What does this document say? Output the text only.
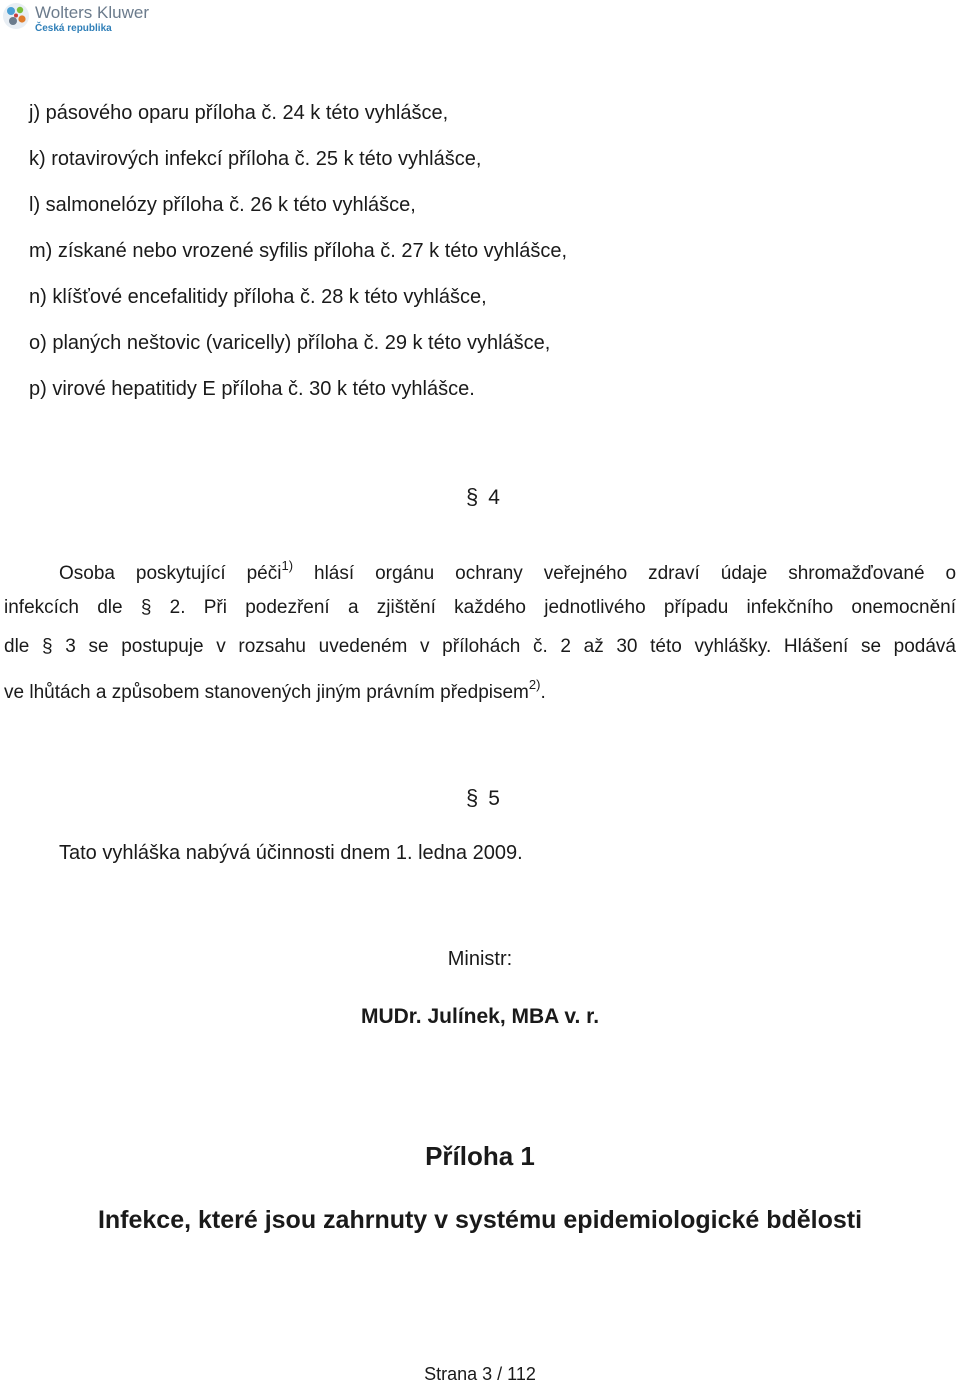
Wolters Kluwer
Česká republika
j) pásového oparu příloha č. 24 k této vyhlášce,
k) rotavirových infekcí příloha č. 25 k této vyhlášce,
l) salmonelózy příloha č. 26 k této vyhlášce,
m) získané nebo vrozené syfilis příloha č. 27 k této vyhlášce,
n) klíšťové encefalitidy příloha č. 28 k této vyhlášce,
o) planých neštovic (varicelly) příloha č. 29 k této vyhlášce,
p) virové hepatitidy E příloha č. 30 k této vyhlášce.
§ 4
Osoba poskytující péči$^{1)}$ hlásí orgánu ochrany veřejného zdraví údaje shromažďované o
infekcích dle § 2. Při podezření a zjištění každého jednotlivého případu infekčního onemocnění
dle § 3 se postupuje v rozsahu uvedeném v přílohách č. 2 až 30 této vyhlášky. Hlášení se podává
ve lhůtách a způsobem stanovených jiným právním předpisem$^{2)}$.
§ 5
Tato vyhláška nabývá účinnosti dnem 1. ledna 2009.
Ministr:
MUDr. Julínek, MBA v. r.
Příloha 1
Infekce, které jsou zahrnuty v systému epidemiologické bdělosti
Strana 3 / 112
